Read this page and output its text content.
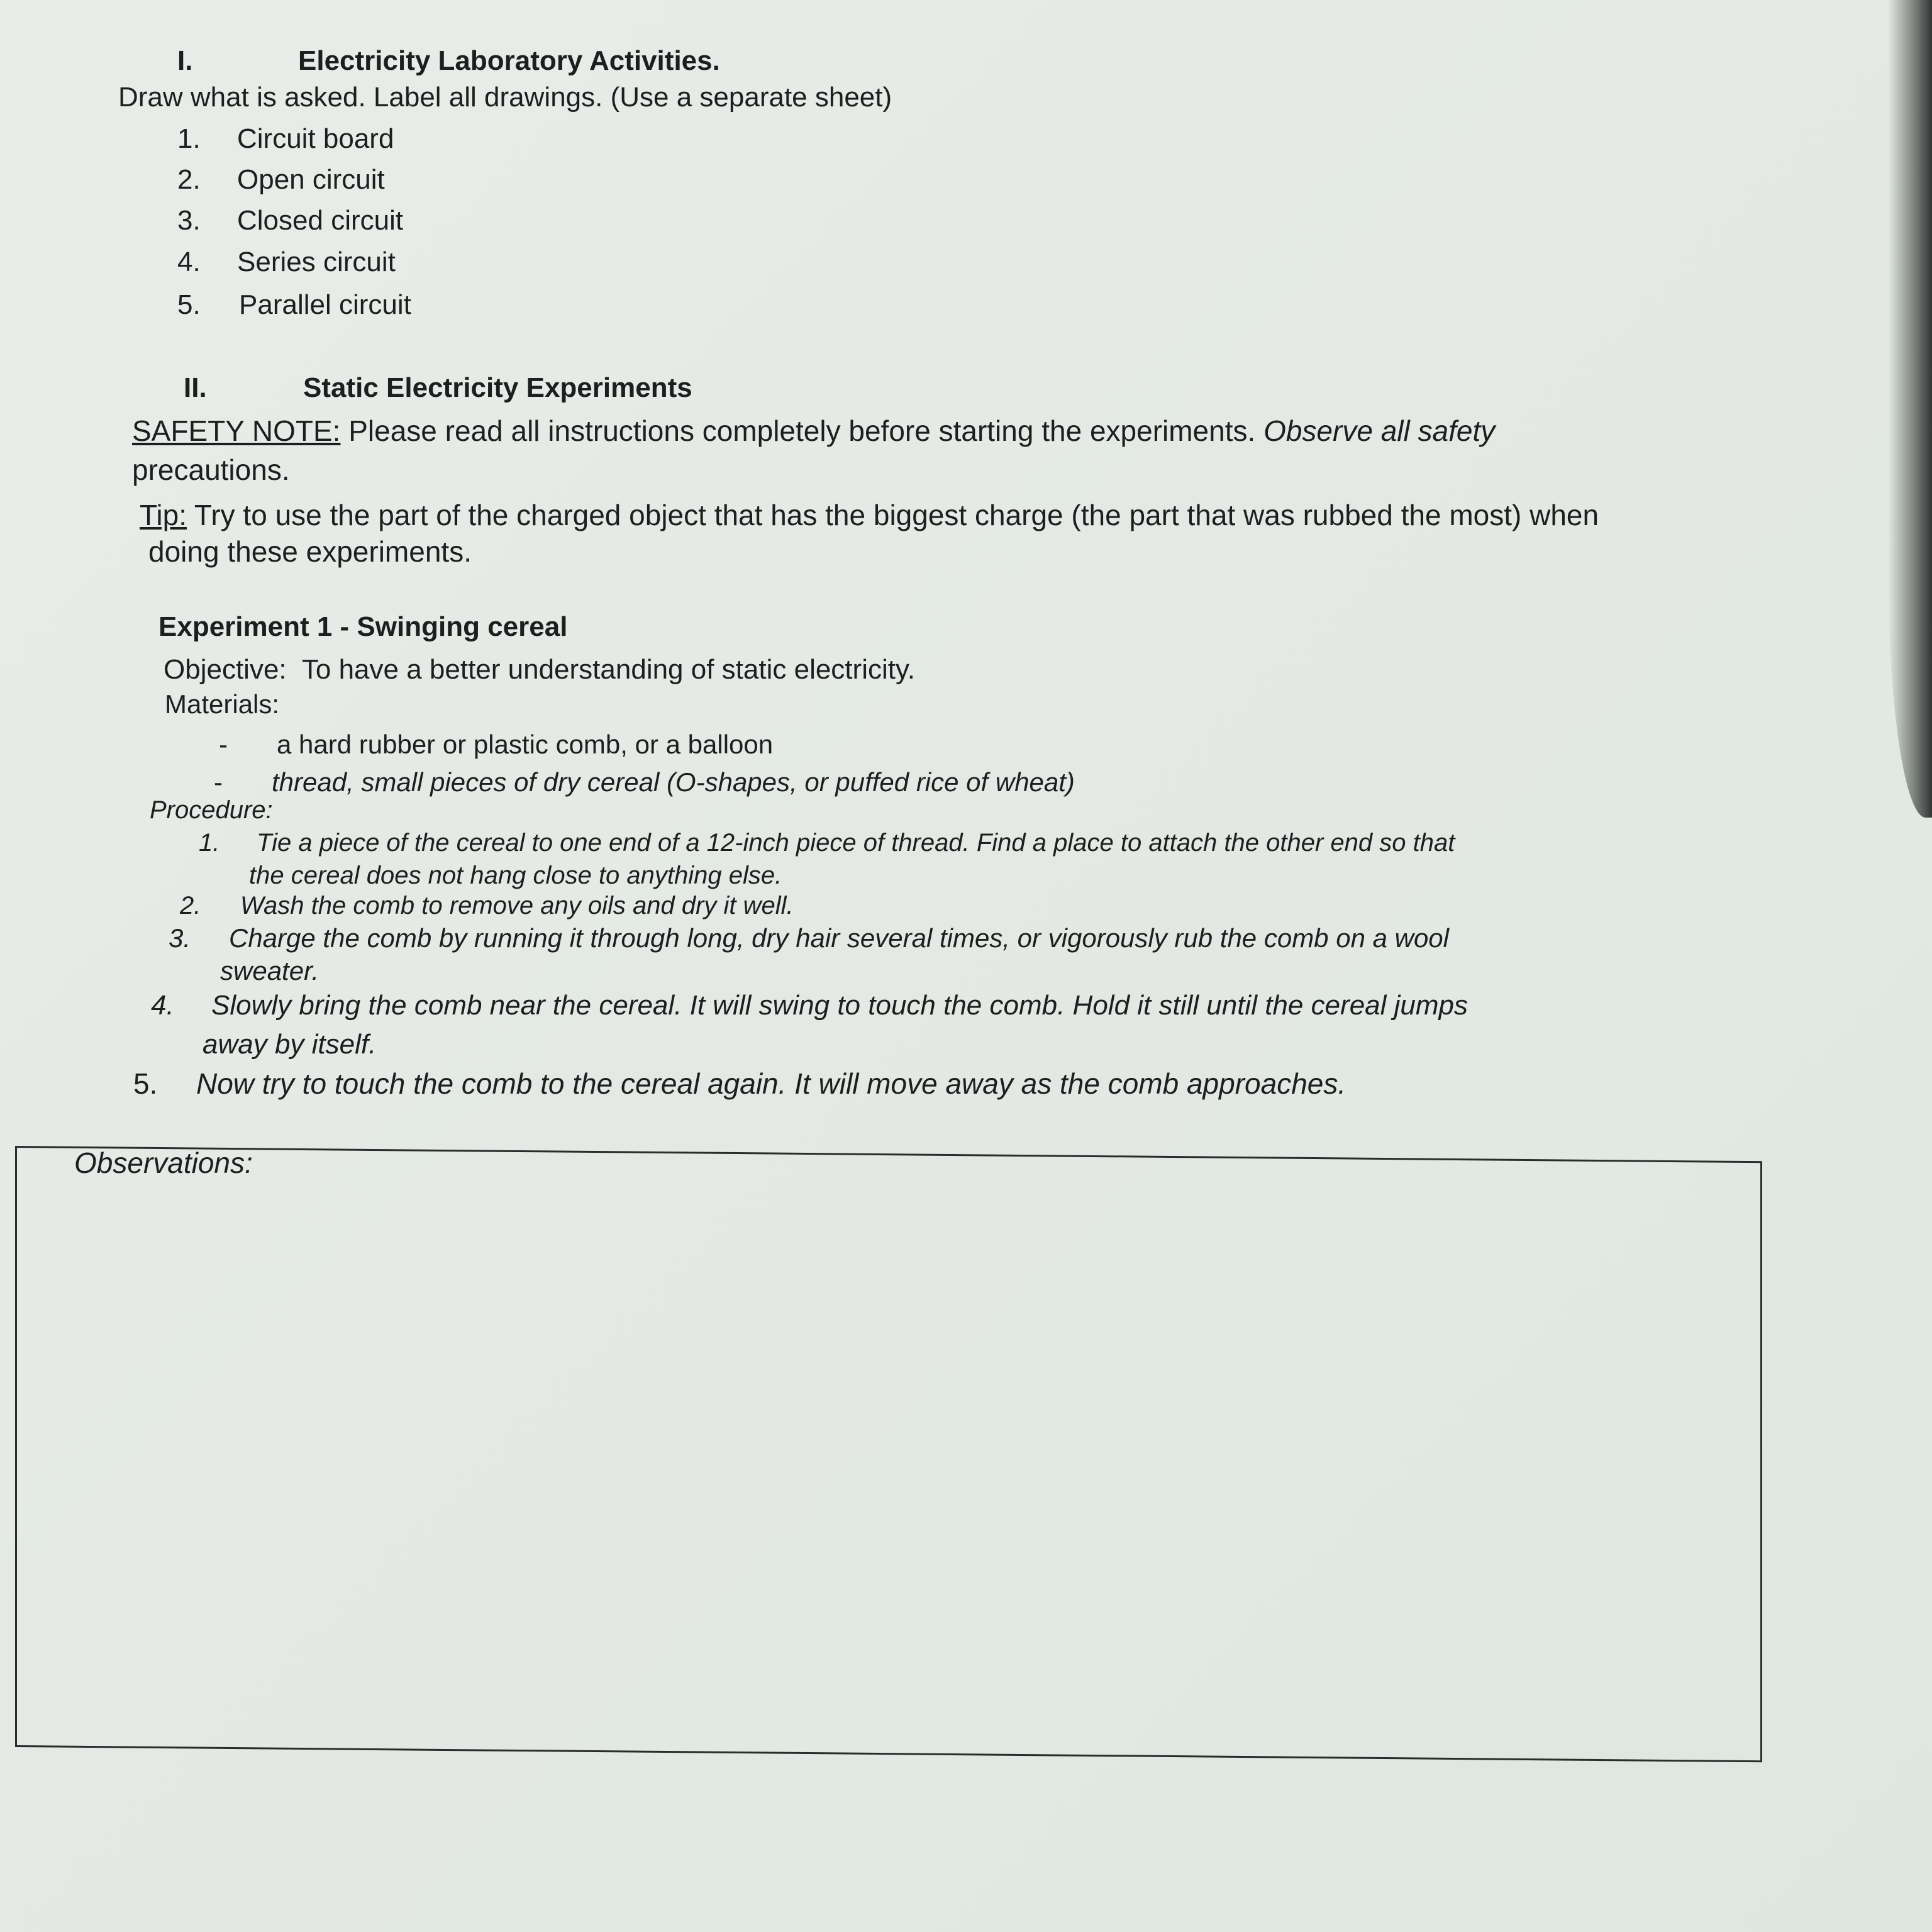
I.	Electricity Laboratory Activities.
Draw what is asked. Label all drawings. (Use a separate sheet)
1. Circuit board
2. Open circuit
3. Closed circuit
4. Series circuit
5. Parallel circuit
II.	Static Electricity Experiments
SAFETY NOTE: Please read all instructions completely before starting the experiments. Observe all safety
precautions.
Tip: Try to use the part of the charged object that has the biggest charge (the part that was rubbed the most) when
doing these experiments.
Experiment 1 - Swinging cereal
Objective: To have a better understanding of static electricity.
Materials:
- a hard rubber or plastic comb, or a balloon
- thread, small pieces of dry cereal (O-shapes, or puffed rice of wheat)
Procedure:
1. Tie a piece of the cereal to one end of a 12-inch piece of thread. Find a place to attach the other end so that
the cereal does not hang close to anything else.
2. Wash the comb to remove any oils and dry it well.
3. Charge the comb by running it through long, dry hair several times, or vigorously rub the comb on a wool
sweater.
4. Slowly bring the comb near the cereal. It will swing to touch the comb. Hold it still until the cereal jumps
away by itself.
5. Now try to touch the comb to the cereal again. It will move away as the comb approaches.
Observations:
